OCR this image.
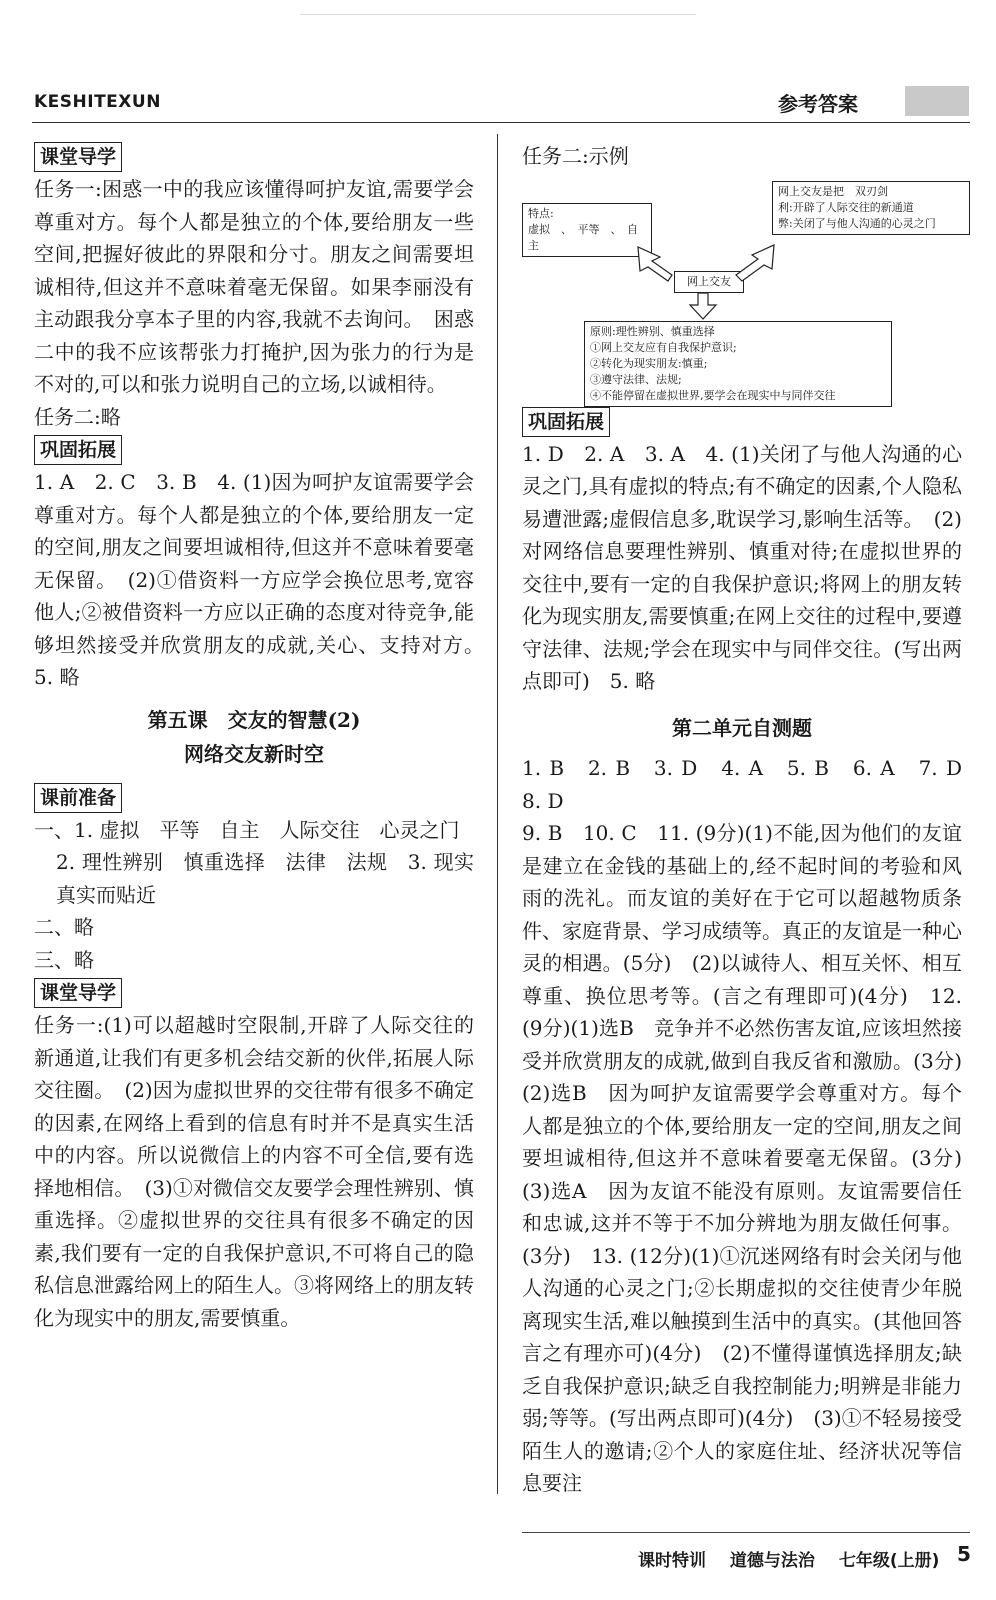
KESHITEXUN	参考答案
课堂导学

任务一:困惑一中的我应该懂得呵护友谊,需要学会尊重对方。每个人都是独立的个体,要给朋友一些空间,把握好彼此的界限和分寸。朋友之间需要坦诚相待,但这并不意味着毫无保留。如果李丽没有主动跟我分享本子里的内容,我就不去询问。　困惑二中的我不应该帮张力打掩护,因为张力的行为是不对的,可以和张力说明自己的立场,以诚相待。

任务二:略

巩固拓展

1. A　2. C　3. B　4. (1)因为呵护友谊需要学会尊重对方。每个人都是独立的个体,要给朋友一定的空间,朋友之间要坦诚相待,但这并不意味着要毫无保留。　(2)①借资料一方应学会换位思考,宽容他人;②被借资料一方应以正确的态度对待竞争,能够坦然接受并欣赏朋友的成就,关心、支持对方。　5. 略

第五课　交友的智慧(2)
网络交友新时空
课前准备

一、1. 虚拟　平等　自主　人际交往　心灵之门

2. 理性辨别　慎重选择　法律　法规　3. 现实　真实而贴近

二、略

三、略

课堂导学

任务一:(1)可以超越时空限制,开辟了人际交往的新通道,让我们有更多机会结交新的伙伴,拓展人际交往圈。　(2)因为虚拟世界的交往带有很多不确定的因素,在网络上看到的信息有时并不是真实生活中的内容。所以说微信上的内容不可全信,要有选择地相信。　(3)①对微信交友要学会理性辨别、慎重选择。②虚拟世界的交往具有很多不确定的因素,我们要有一定的自我保护意识,不可将自己的隐私信息泄露给网上的陌生人。③将网络上的朋友转化为现实中的朋友,需要慎重。

任务二:示例

特点:

虚拟　、　平等　、　自主

网上交友是把　双刃剑

利:开辟了人际交往的新通道

弊:关闭了与他人沟通的心灵之门

网上交友

原则:理性辨别、慎重选择

①网上交友应有自我保护意识;

②转化为现实朋友:慎重;

③遵守法律、法规;

④不能停留在虚拟世界,要学会在现实中与同伴交往

巩固拓展

1. D　2. A　3. A　4. (1)关闭了与他人沟通的心灵之门,具有虚拟的特点;有不确定的因素,个人隐私易遭泄露;虚假信息多,耽误学习,影响生活等。　(2)对网络信息要理性辨别、慎重对待;在虚拟世界的交往中,要有一定的自我保护意识;将网上的朋友转化为现实朋友,需要慎重;在网上交往的过程中,要遵守法律、法规;学会在现实中与同伴交往。(写出两点即可)　5. 略

第二单元自测题

1. B　2. B　3. D　4. A　5. B　6. A　7. D　8. D

9. B　10. C　11. (9分)(1)不能,因为他们的友谊是建立在金钱的基础上的,经不起时间的考验和风雨的洗礼。而友谊的美好在于它可以超越物质条件、家庭背景、学习成绩等。真正的友谊是一种心灵的相遇。(5分)　(2)以诚待人、相互关怀、相互尊重、换位思考等。(言之有理即可)(4分)　12. (9分)(1)选B　竞争并不必然伤害友谊,应该坦然接受并欣赏朋友的成就,做到自我反省和激励。(3分)　(2)选B　因为呵护友谊需要学会尊重对方。每个人都是独立的个体,要给朋友一定的空间,朋友之间要坦诚相待,但这并不意味着要毫无保留。(3分)　(3)选A　因为友谊不能没有原则。友谊需要信任和忠诚,这并不等于不加分辨地为朋友做任何事。(3分)　13. (12分)(1)①沉迷网络有时会关闭与他人沟通的心灵之门;②长期虚拟的交往使青少年脱离现实生活,难以触摸到生活中的真实。(其他回答言之有理亦可)(4分)　(2)不懂得谨慎选择朋友;缺乏自我保护意识;缺乏自我控制能力;明辨是非能力弱;等等。(写出两点即可)(4分)　(3)①不轻易接受陌生人的邀请;②个人的家庭住址、经济状况等信息要注

课时特训 道德与法治 七年级(上册) 5
